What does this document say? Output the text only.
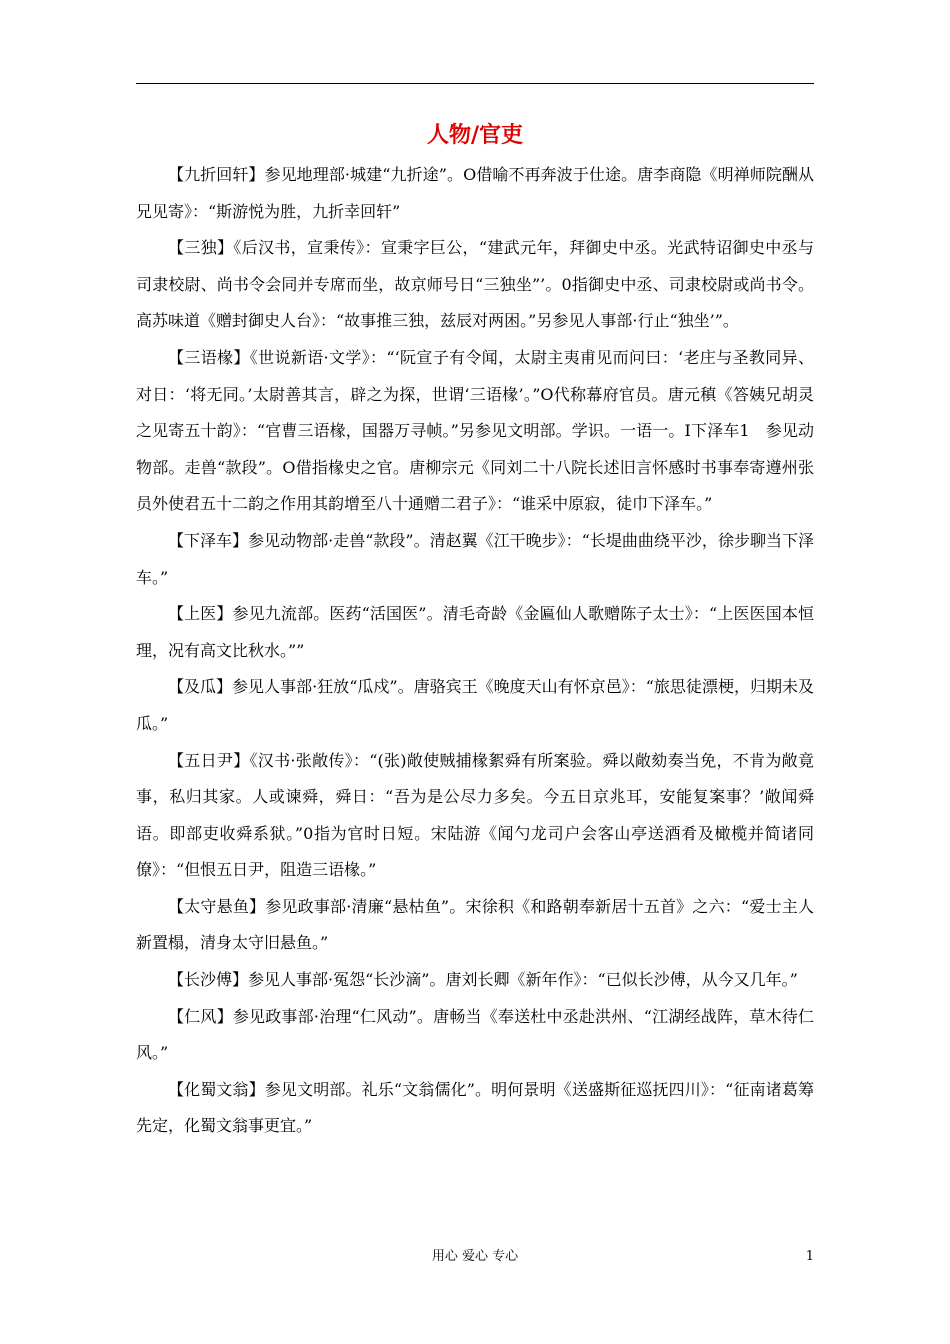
人物/官吏

【九折回轩】参见地理部·城建“九折途”。O借喻不再奔波于仕途。唐李商隐《明禅师院酬从兄见寄》：“斯游悦为胜，九折幸回轩”

【三独】《后汉书，宣秉传》：宣秉字巨公，“建武元年，拜御史中丞。光武特诏御史中丞与司隶校尉、尚书令会同并专席而坐，故京师号日“三独坐”’。0指御史中丞、司隶校尉或尚书令。高苏味道《赠封御史人台》：“故事推三独，兹辰对两困。”另参见人事部·行止“独坐’”。

【三语椽】《世说新语·文学》：“‘阮宣子有令闻，太尉主夷甫见而问曰：‘老庄与圣教同异、对日：‘将无同。’太尉善其言，辟之为探，世谓‘三语椽’。”O代称幕府官员。唐元稹《答姨兄胡灵之见寄五十韵》：“官曹三语椽，国器万寻帧。”另参见文明部。学识。一语一。I下泽车1　参见动物部。走兽“款段”。O借指椽史之官。唐柳宗元《同刘二十八院长述旧言怀感时书事奉寄遵州张员外使君五十二韵之作用其韵增至八十通赠二君子》：“谁采中原寂，徒巾下泽车。”

【下泽车】参见动物部·走兽“款段”。清赵翼《江干晚步》：“长堤曲曲绕平沙，徐步聊当下泽车。”

【上医】参见九流部。医药“活国医”。清毛奇龄《金匾仙人歌赠陈子太士》：“上医医国本恒理，况有高文比秋水。””

【及瓜】参见人事部·狂放“瓜戍”。唐骆宾王《晚度天山有怀京邑》：“旅思徒漂梗，归期未及瓜。”

【五日尹】《汉书·张敞传》：“(张)敞使贼捕椽絮舜有所案验。舜以敞劾奏当免，不肯为敞竟事，私归其家。人或谏舜，舜日：“吾为是公尽力多矣。今五日京兆耳，安能复案事？’敞闻舜语。即部吏收舜系狱。”0指为官时日短。宋陆游《闻勺龙司户会客山亭送酒肴及橄榄并简诸同僚》：“但恨五日尹，阻造三语椽。”

【太守悬鱼】参见政事部·清廉“悬枯鱼”。宋徐积《和路朝奉新居十五首》之六：“爱士主人新置榻，清身太守旧悬鱼。”

【长沙傅】参见人事部·冤怨“长沙滴”。唐刘长卿《新年作》：“已似长沙傅，从今又几年。”

【仁风】参见政事部·治理“仁风动”。唐畅当《奉送杜中丞赴洪州、“江湖经战阵，草木待仁风。”

【化蜀文翁】参见文明部。礼乐“文翁儒化”。明何景明《送盛斯征巡抚四川》：“征南诸葛筹先定，化蜀文翁事更宜。”

用心 爱心 专心	1
